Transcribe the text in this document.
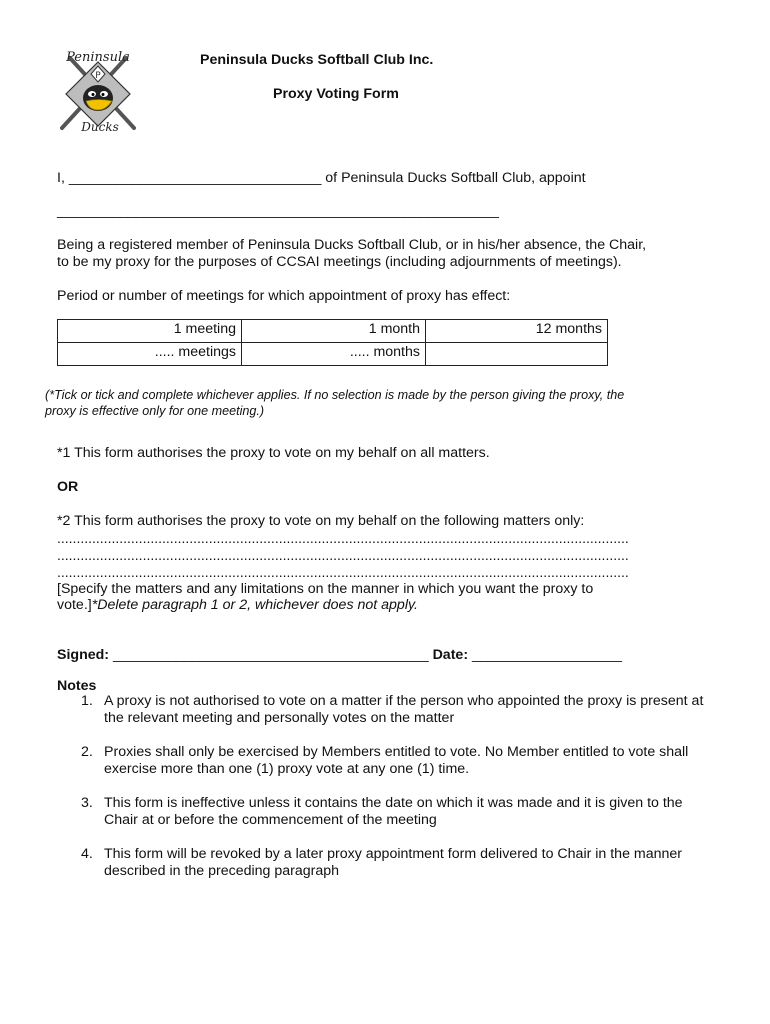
P
Peninsula
Ducks
Peninsula Ducks Softball Club Inc.
Proxy Voting Form
I, ________________________________ of Peninsula Ducks Softball Club, appoint
________________________________________________________
Being a registered member of Peninsula Ducks Softball Club, or in his/her absence, the Chair,
to be my proxy for the purposes of CCSAI meetings (including adjournments of meetings).
Period or number of meetings for which appointment of proxy has effect:
1 meeting	1 month	12 months
..... meetings	..... months	
(*Tick or tick and complete whichever applies. If no selection is made by the person giving the proxy, the
proxy is effective only for one meeting.)
*1 This form authorises the proxy to vote on my behalf on all matters.
OR
*2 This form authorises the proxy to vote on my behalf on the following matters only:
...................................................................................................................................................
...................................................................................................................................................
...................................................................................................................................................
[Specify the matters and any limitations on the manner in which you want the proxy to
vote.]*Delete paragraph 1 or 2, whichever does not apply.
Signed: ________________________________________ Date: ___________________
Notes
1. A proxy is not authorised to vote on a matter if the person who appointed the proxy is present at the relevant meeting and personally votes on the matter
2. Proxies shall only be exercised by Members entitled to vote. No Member entitled to vote shall exercise more than one (1) proxy vote at any one (1) time.
3. This form is ineffective unless it contains the date on which it was made and it is given to the Chair at or before the commencement of the meeting
4. This form will be revoked by a later proxy appointment form delivered to Chair in the manner described in the preceding paragraph
